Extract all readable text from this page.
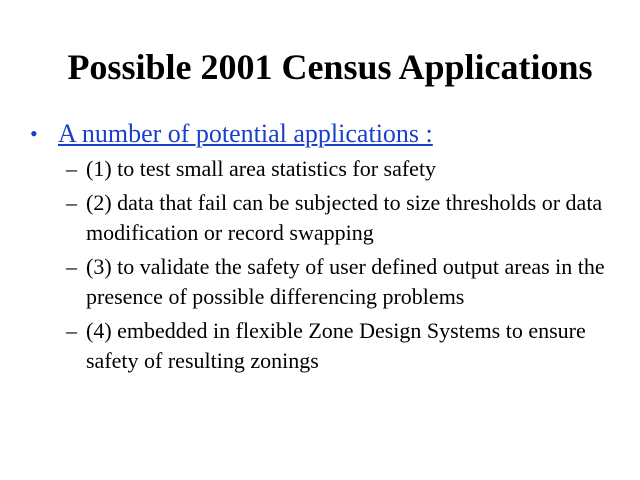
Possible 2001 Census Applications
• A number of potential applications :
– (1) to test small area statistics for safety
– (2) data that fail can be subjected to size thresholds or data modification or record swapping
– (3) to validate the safety of user defined output areas in the presence of possible differencing problems
– (4) embedded in flexible Zone Design Systems to ensure safety of resulting zonings
